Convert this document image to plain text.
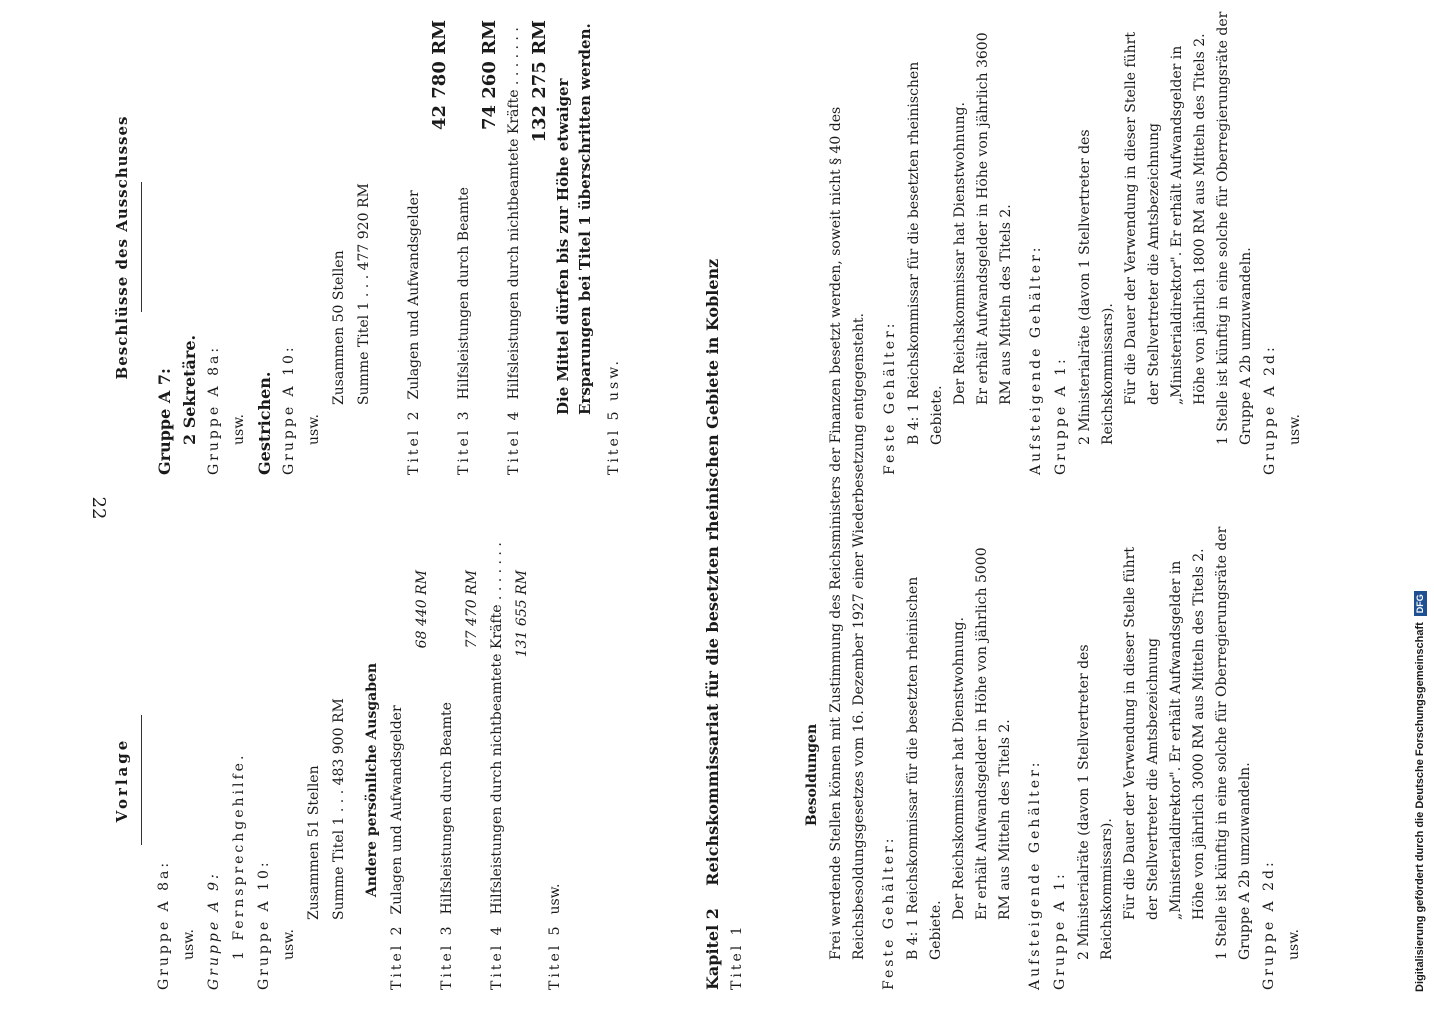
22
Vorlage
Gruppe A 8a: usw. Gruppe A 9: 1 Fernsprechgehilfe. Gruppe A 10: usw.
Zusammen 51 Stellen Summe Titel 1 . . . 483 900 RM	Andere persönliche Ausgaben
Titel 2  Zulagen und Aufwandsgelder
68 440 RM
Titel 3  Hilfsleistungen durch Beamte
77 470 RM
Titel 4  Hilfsleistungen durch nichtbeamtete Kräfte . . . . . . . 131 655 RM
Titel 5  usw.
Beschlüsse des Ausschusses
Gruppe A 7: 2 Sekretäre. Gruppe A 8a: usw. Gestrichen. Gruppe A 10: usw.
Zusammen 50 Stellen Summe Titel 1 . . . 477 920 RM
Titel 2  Zulagen und Aufwandsgelder
42 780 RM
Titel 3  Hilfsleistungen durch Beamte
74 260 RM
Titel 4  Hilfsleistungen durch nichtbeamtete Kräfte . . . . . . . 132 275 RM Die Mittel dürfen bis zur Höhe etwaiger Ersparungen bei Titel 1 überschritten werden.
Titel 5 usw.
Kapitel 2    Reichskommissariat für die besetzten rheinischen Gebiete in Koblenz
Titel 1
Besoldungen Frei werdende Stellen können mit Zustimmung des Reichsministers der Finanzen besetzt werden, soweit nicht § 40 des Reichsbesoldungsgesetzes vom 16. Dezember 1927 einer Wiederbesetzung entgegensteht. Feste Gehälter: B 4: 1 Reichskommissar für die besetzten rheinischen Gebiete.
Der Reichskommissar hat Dienstwohnung. Er erhält Aufwandsgelder in Höhe von jährlich 5000 RM aus Mitteln des Titels 2. Aufsteigende Gehälter: Gruppe A 1: 2 Ministerialräte (davon 1 Stellvertreter des Reichskommissars). Für die Dauer der Verwendung in dieser Stelle führt der Stellvertreter die Amtsbezeichnung „Ministerialdirektor". Er erhält Aufwandsgelder in Höhe von jährlich 3000 RM aus Mitteln des Titels 2. 1 Stelle ist künftig in eine solche für Oberregierungsräte der Gruppe A 2b umzuwandeln. Gruppe A 2d: usw.
Feste Gehälter: B 4: 1 Reichskommissar für die besetzten rheinischen Gebiete.
Der Reichskommissar hat Dienstwohnung. Er erhält Aufwandsgelder in Höhe von jährlich 3600 RM aus Mitteln des Titels 2. Aufsteigende Gehälter: Gruppe A 1: 2 Ministerialräte (davon 1 Stellvertreter des Reichskommissars). Für die Dauer der Verwendung in dieser Stelle führt der Stellvertreter die Amtsbezeichnung „Ministerialdirektor". Er erhält Aufwandsgelder in Höhe von jährlich 1800 RM aus Mitteln des Titels 2. 1 Stelle ist künftig in eine solche für Oberregierungsräte der Gruppe A 2b umzuwandeln. Gruppe A 2d: usw.
Digitalisierung gefördert durch die Deutsche Forschungsgemeinschaft
DFG
